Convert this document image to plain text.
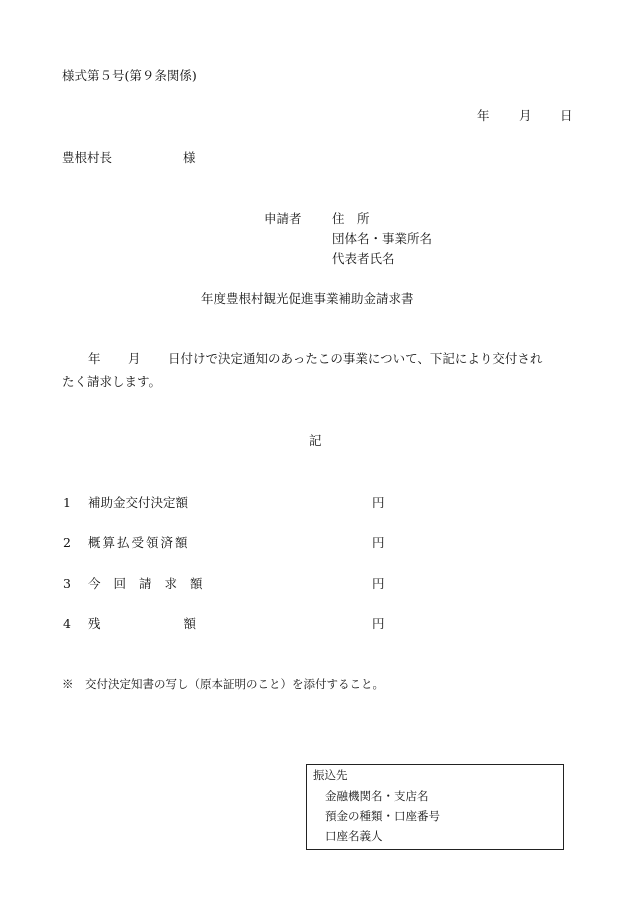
様式第５号(第９条関係)
年 月 日
豊根村長	様
申請者 住　所
団体名・事業所名
代表者氏名
年度豊根村観光促進事業補助金請求書
年 月 日付けで決定通知のあったこの事業について、下記により交付され
たく請求します。
記
1 補助金交付決定額	円
2 概算払受領済額	円
3 今回請求額	円
4 残額	円
※　交付決定知書の写し（原本証明のこと）を添付すること。
振込先
金融機関名・支店名
預金の種類・口座番号
口座名義人
